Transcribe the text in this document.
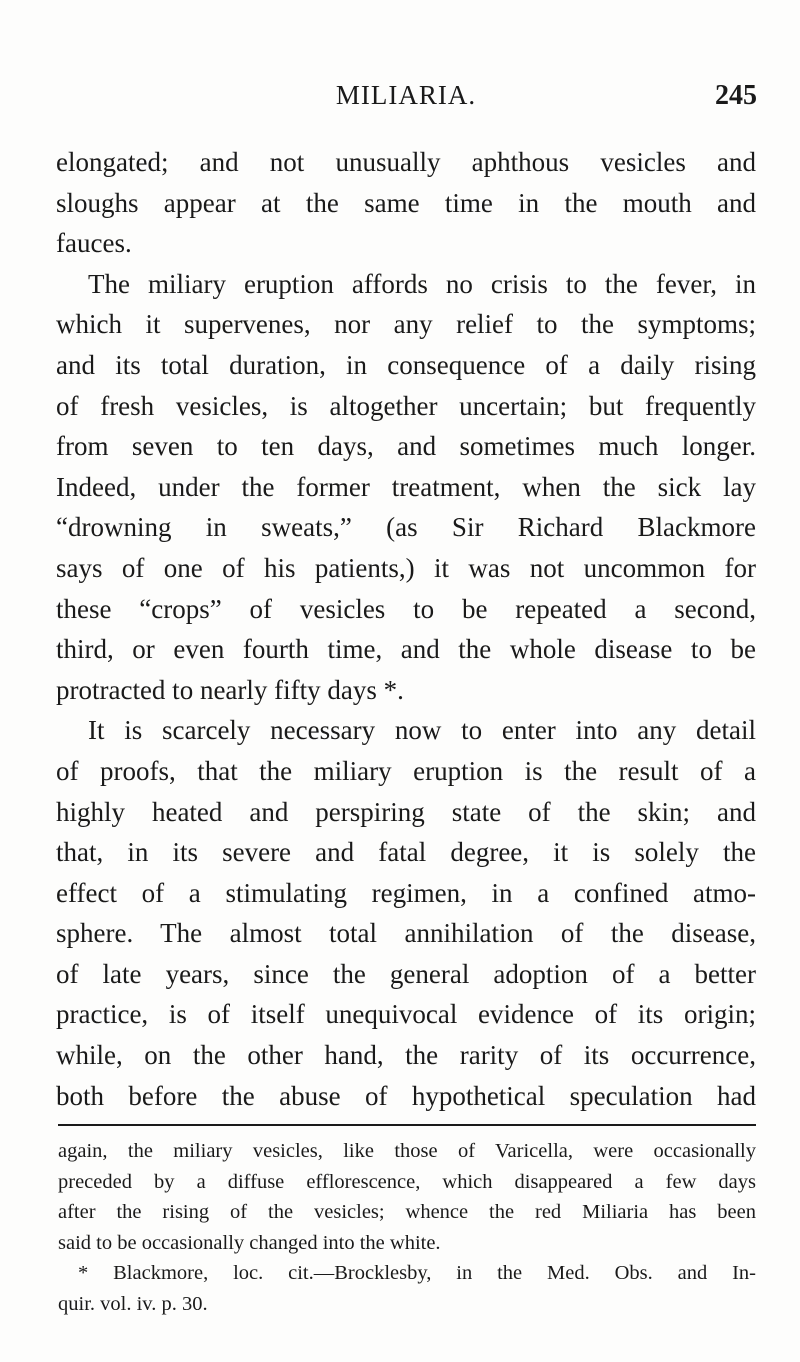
MILIARIA.	245
elongated; and not unusually aphthous vesicles and
sloughs appear at the same time in the mouth and
fauces.
The miliary eruption affords no crisis to the fever, in
which it supervenes, nor any relief to the symptoms;
and its total duration, in consequence of a daily rising
of fresh vesicles, is altogether uncertain; but frequently
from seven to ten days, and sometimes much longer.
Indeed, under the former treatment, when the sick lay
“drowning in sweats,” (as Sir Richard Blackmore
says of one of his patients,) it was not uncommon for
these “crops” of vesicles to be repeated a second,
third, or even fourth time, and the whole disease to be
protracted to nearly fifty days *.
It is scarcely necessary now to enter into any detail
of proofs, that the miliary eruption is the result of a
highly heated and perspiring state of the skin; and
that, in its severe and fatal degree, it is solely the
effect of a stimulating regimen, in a confined atmo-
sphere. The almost total annihilation of the disease,
of late years, since the general adoption of a better
practice, is of itself unequivocal evidence of its origin;
while, on the other hand, the rarity of its occurrence,
both before the abuse of hypothetical speculation had
again, the miliary vesicles, like those of Varicella, were occasionally
preceded by a diffuse efflorescence, which disappeared a few days
after the rising of the vesicles; whence the red Miliaria has been
said to be occasionally changed into the white.
* Blackmore, loc. cit.—Brocklesby, in the Med. Obs. and In-
quir. vol. iv. p. 30.
